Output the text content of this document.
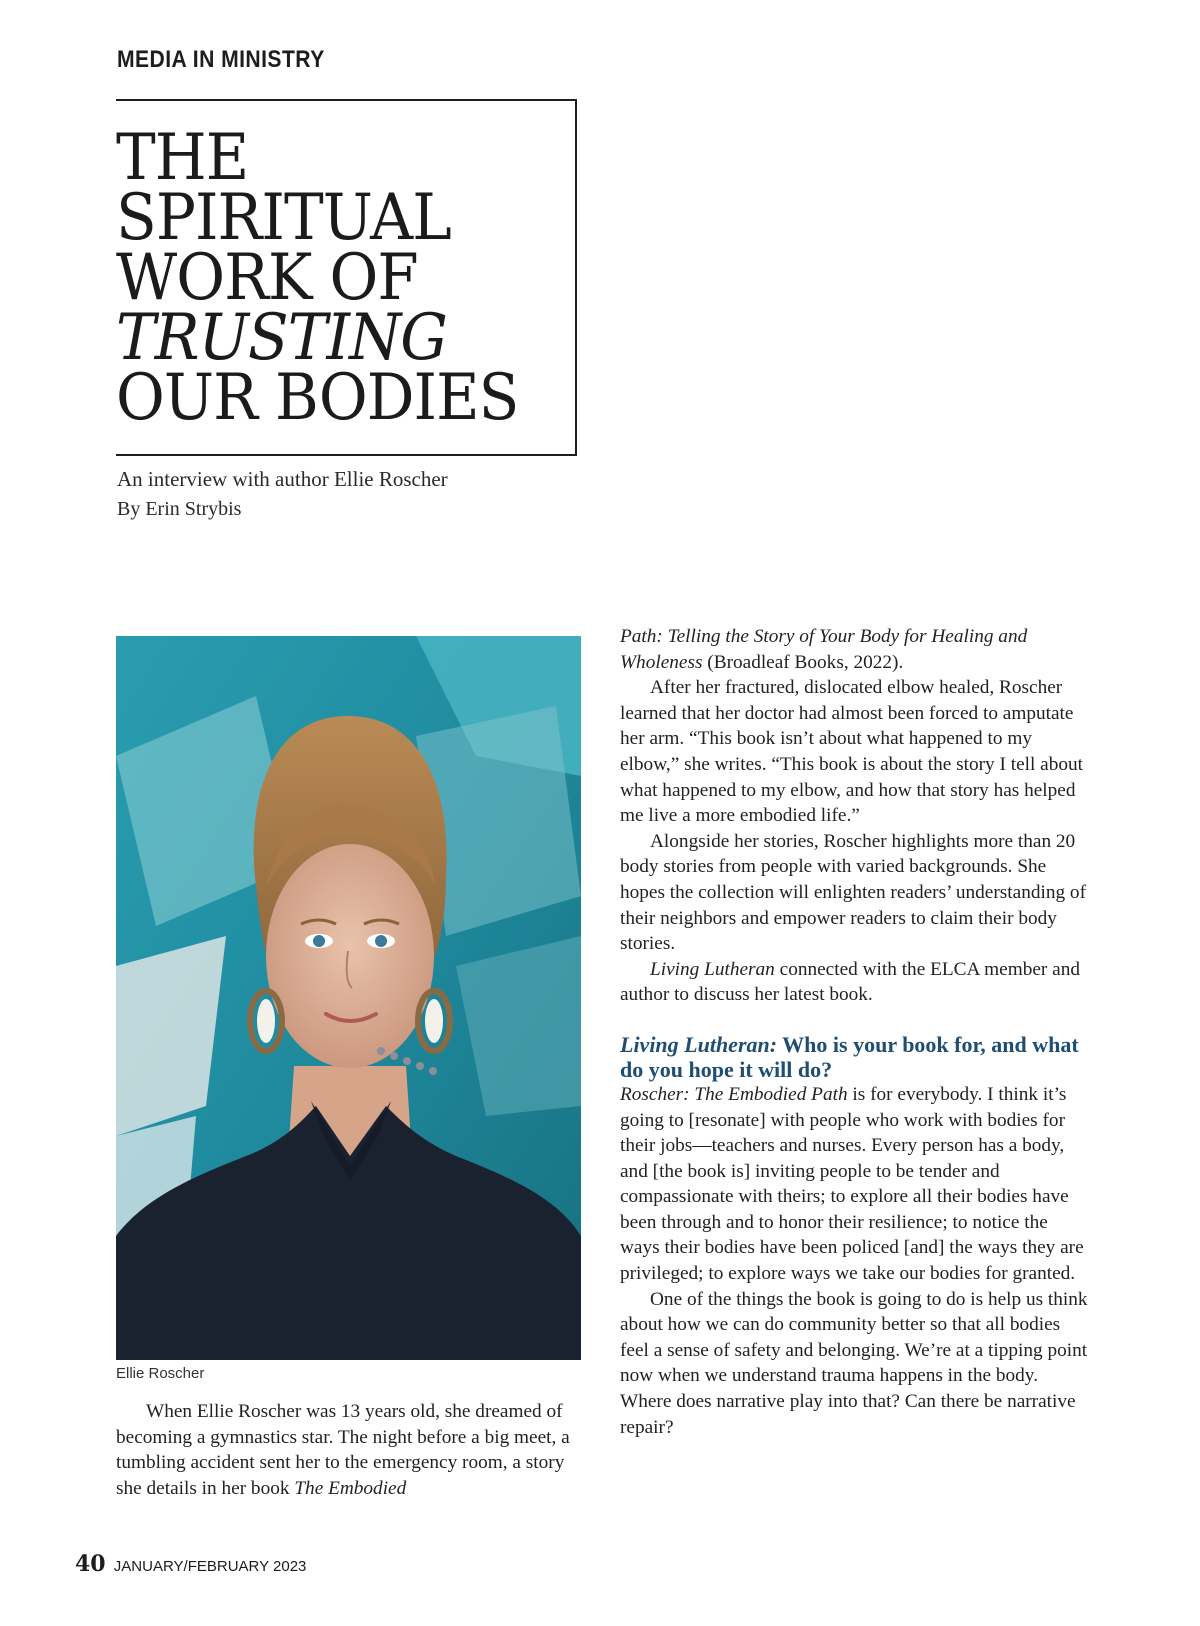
MEDIA IN MINISTRY
THE
SPIRITUAL
WORK OF
TRUSTING
OUR BODIES
An interview with author Ellie Roscher
By Erin Strybis
Ellie Roscher

When Ellie Roscher was 13 years old, she dreamed of becoming a gymnastics star. The night before a big meet, a tumbling accident sent her to the emergency room, a story she details in her book The Embodied

Path: Telling the Story of Your Body for Healing and Wholeness (Broadleaf Books, 2022).

After her fractured, dislocated elbow healed, Roscher learned that her doctor had almost been forced to amputate her arm. “This book isn’t about what happened to my elbow,” she writes. “This book is about the story I tell about what happened to my elbow, and how that story has helped me live a more embodied life.”

Alongside her stories, Roscher highlights more than 20 body stories from people with varied backgrounds. She hopes the collection will enlighten readers’ understanding of their neighbors and empower readers to claim their body stories.

Living Lutheran connected with the ELCA member and author to discuss her latest book.

Living Lutheran: Who is your book for, and what do you hope it will do?

Roscher: The Embodied Path is for everybody. I think it’s going to [resonate] with people who work with bodies for their jobs—teachers and nurses. Every person has a body, and [the book is] inviting people to be tender and compassionate with theirs; to explore all their bodies have been through and to honor their resilience; to notice the ways their bodies have been policed [and] the ways they are privileged; to explore ways we take our bodies for granted.

One of the things the book is going to do is help us think about how we can do community better so that all bodies feel a sense of safety and belonging. We’re at a tipping point now when we understand trauma happens in the body. Where does narrative play into that? Can there be narrative repair?

40 JANUARY/FEBRUARY 2023
